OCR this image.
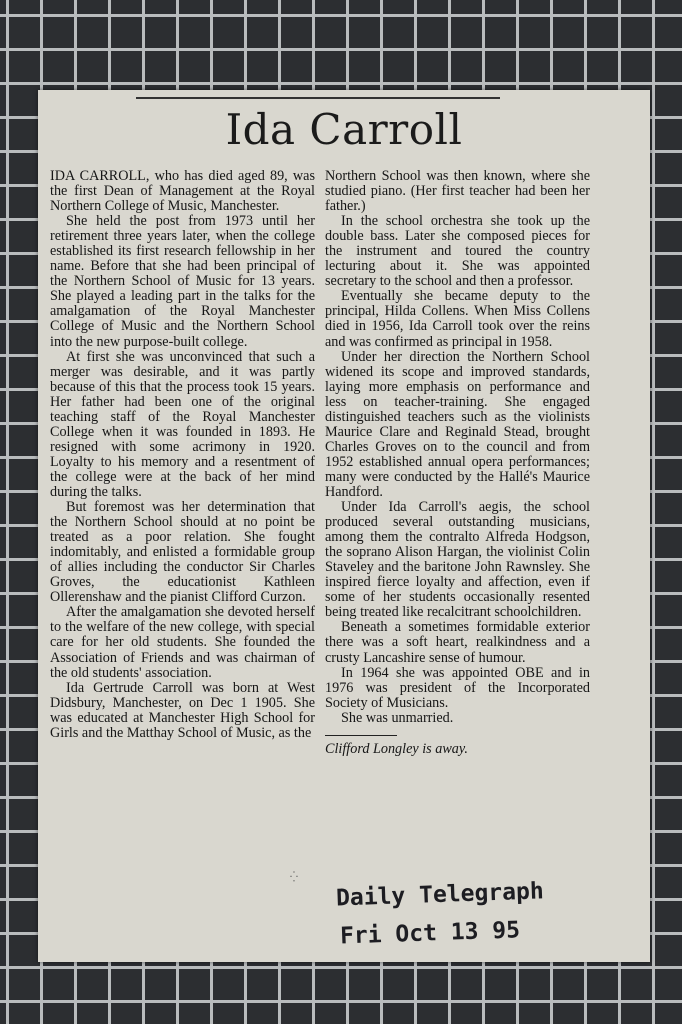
Ida Carroll

IDA CARROLL, who has died aged 89, was the first Dean of Management at the Royal Northern College of Music, Manchester.

She held the post from 1973 until her retirement three years later, when the college established its first research fellowship in her name. Before that she had been principal of the Northern School of Music for 13 years. She played a leading part in the talks for the amalgamation of the Royal Manchester College of Music and the Northern School into the new purpose-built college.

At first she was unconvinced that such a merger was desirable, and it was partly because of this that the process took 15 years. Her father had been one of the original teaching staff of the Royal Manchester College when it was founded in 1893. He resigned with some acrimony in 1920. Loyalty to his memory and a resentment of the college were at the back of her mind during the talks.

But foremost was her determination that the Northern School should at no point be treated as a poor relation. She fought indomitably, and enlisted a formidable group of allies including the conductor Sir Charles Groves, the educationist Kathleen Ollerenshaw and the pianist Clifford Curzon.

After the amalgamation she devoted herself to the welfare of the new college, with special care for her old students. She founded the Association of Friends and was chairman of the old students' association.

Ida Gertrude Carroll was born at West Didsbury, Manchester, on Dec 1 1905. She was educated at Manchester High School for Girls and the Matthay School of Music, as the

Northern School was then known, where she studied piano. (Her first teacher had been her father.)

In the school orchestra she took up the double bass. Later she composed pieces for the instrument and toured the country lecturing about it. She was appointed secretary to the school and then a professor.

Eventually she became deputy to the principal, Hilda Collens. When Miss Collens died in 1956, Ida Carroll took over the reins and was confirmed as principal in 1958.

Under her direction the Northern School widened its scope and improved standards, laying more emphasis on performance and less on teacher-training. She engaged distinguished teachers such as the violinists Maurice Clare and Reginald Stead, brought Charles Groves on to the council and from 1952 established annual opera performances; many were conducted by the Hallé's Maurice Handford.

Under Ida Carroll's aegis, the school produced several outstanding musicians, among them the contralto Alfreda Hodgson, the soprano Alison Hargan, the violinist Colin Staveley and the baritone John Rawnsley. She inspired fierce loyalty and affection, even if some of her students occasionally resented being treated like recalcitrant schoolchildren.

Beneath a sometimes formidable exterior there was a soft heart, realkindness and a crusty Lancashire sense of humour.

In 1964 she was appointed OBE and in 1976 was president of the Incorporated Society of Musicians.

She was unmarried.

Clifford Longley is away.

⁛
Daily Telegraph
Fri Oct 13 95
